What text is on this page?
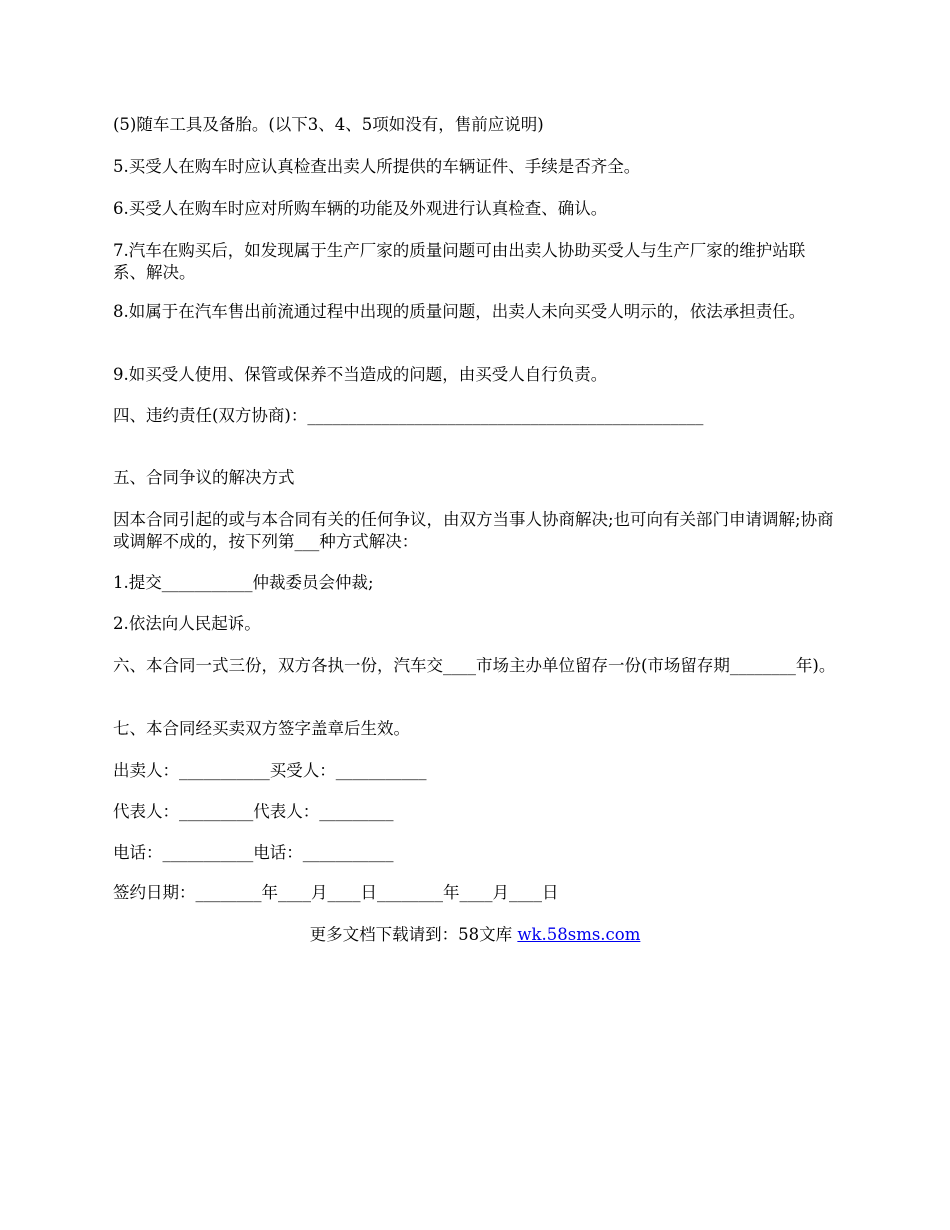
(5)随车工具及备胎。(以下3、4、5项如没有，售前应说明)

5.买受人在购车时应认真检查出卖人所提供的车辆证件、手续是否齐全。

6.买受人在购车时应对所购车辆的功能及外观进行认真检查、确认。

7.汽车在购买后，如发现属于生产厂家的质量问题可由出卖人协助买受人与生产厂家的维护站联系、解决。

8.如属于在汽车售出前流通过程中出现的质量问题，出卖人未向买受人明示的，依法承担责任。

9.如买受人使用、保管或保养不当造成的问题，由买受人自行负责。

四、违约责任(双方协商)：________________________________________________

五、合同争议的解决方式

因本合同引起的或与本合同有关的任何争议，由双方当事人协商解决;也可向有关部门申请调解;协商或调解不成的，按下列第___种方式解决：

1.提交___________仲裁委员会仲裁;

2.依法向人民起诉。

六、本合同一式三份，双方各执一份，汽车交____市场主办单位留存一份(市场留存期________年)。

七、本合同经买卖双方签字盖章后生效。

出卖人：___________买受人：___________

代表人：_________代表人：_________

电话：___________电话：___________

签约日期：________年____月____日________年____月____日

更多文档下载请到：58文库 wk.58sms.com
